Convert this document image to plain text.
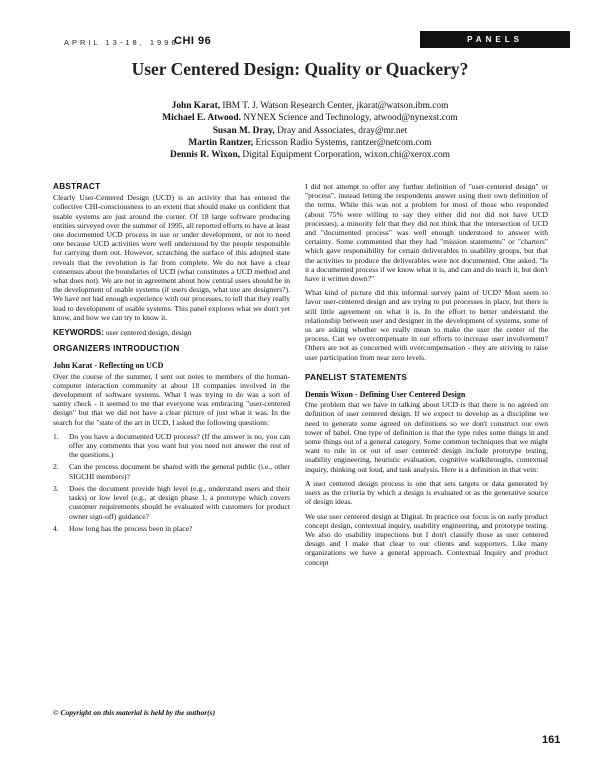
APRIL 13-18, 1996
CHI 96	PANELS
User Centered Design: Quality or Quackery?
John Karat, IBM T. J. Watson Research Center, jkarat@watson.ibm.com
Michael E. Atwood. NYNEX Science and Technology, atwood@nynexst.com
Susan M. Dray, Dray and Associates, dray@mr.net
Martin Rantzer, Ericsson Radio Systems, rantzer@netcom.com
Dennis R. Wixon, Digital Equipment Corporation, wixon.chi@xerox.com
ABSTRACT

Clearly User-Centered Design (UCD) is an activity that has entered the collective CHI-consciousness to an extent that should make us confident that usable systems are just around the corner. Of 18 large software producing entities surveyed over the summer of 1995, all reported efforts to have at least one documented UCD process in use or under development, or not to need one because UCD activities were well understood by the people responsible for carrying them out. However, scratching the surface of this adopted state reveals that the revolution is far from complete. We do not have a clear consensus about the boundaries of UCD (what constitutes a UCD method and what does not). We are not in agreement about how central users should be in the development of usable systems (if users design, what use are designers?). We have not had enough experience with our processes, to tell that they really lead to development of usable systems. This panel explores what we don't yet know, and how we can try to know it.

KEYWORDS: user centered design, design
ORGANIZERS INTRODUCTION
John Karat - Reflecting on UCD

Over the course of the summer, I sent out notes to members of the human- computer interaction community at about 18 companies involved in the development of software systems. What I was trying to do was a sort of sanity check - it seemed to me that everyone was embracing "user-centered design" but that we did not have a clear picture of just what it was. In the search for the "state of the art in UCD, I asked the following questions:

1.	Do you have a documented UCD process? (If the answer is no, you can offer any comments that you want but you need not answer the rest of the questions.)
2.	Can the process document be shared with the general public (i.e., other SIGCHI members)?
3.	Does the document provide high level (e.g., understand users and their tasks) or low level (e.g., at design phase 1, a prototype which covers customer requirements should be evaluated with customers for product owner sign-off) guidance?
4.	How long has the process been in place?

I did not attempt to offer any further definition of "user-centered design" or "process", instead letting the respondents answer using their own definition of the terms. While this was not a problem for most of those who responded (about 75% were willing to say they either did not did not have UCD processes), a minority felt that they did not think that the intersection of UCD and "documented process" was well enough understood to answer with certainty. Some commented that they had "mission statements" or "charters" which gave responsibility for certain deliverables to usability groups, but that the activities to produce the deliverables were not documented. One asked, "Is it a documented process if we know what it is, and can and do teach it, but don't have it written down?"

What kind of picture did this informal survey paint of UCD? Most seem to favor user-centered design and are trying to put processes in place, but there is still little agreement on what it is. In the effort to better understand the relationship between user and designer in the development of systems, some of us are asking whether we really mean to make the user the center of the process. Can we overcompensate in our efforts to increase user involvement? Others are not as concerned with overcompensation - they are striving to raise user participation from near zero levels.

PANELIST STATEMENTS
Dennis Wixon - Defining User Centered Design

One problem that we have in talking about UCD is that there is no agreed on definition of user centered design. If we expect to develop as a discipline we need to generate some agreed on definitions so we don't construct our own tower of babel. One type of definition is that the type rules some things in and some things out of a general category. Some common techniques that we might want to rule in or out of user centered design include prototype testing, usability engineering, heuristic evaluation, cognitive walkthroughs, contextual inquiry, thinking out loud, and task analysis. Here is a definition in that vein:

A user centered design process is one that sets targets or data generated by users as the criteria by which a design is evaluated or as the generative source of design ideas.

We use user centered design at Digital. In practice our focus is on early product concept design, contextual inquiry, usability engineering, and prototype testing. We also do usability inspections but I don't classify those as user centered design and I make that clear to our clients and supporters. Like many organizations we have a general approach. Contextual Inquiry and product concept

© Copyright on this material is held by the author(s)
161
